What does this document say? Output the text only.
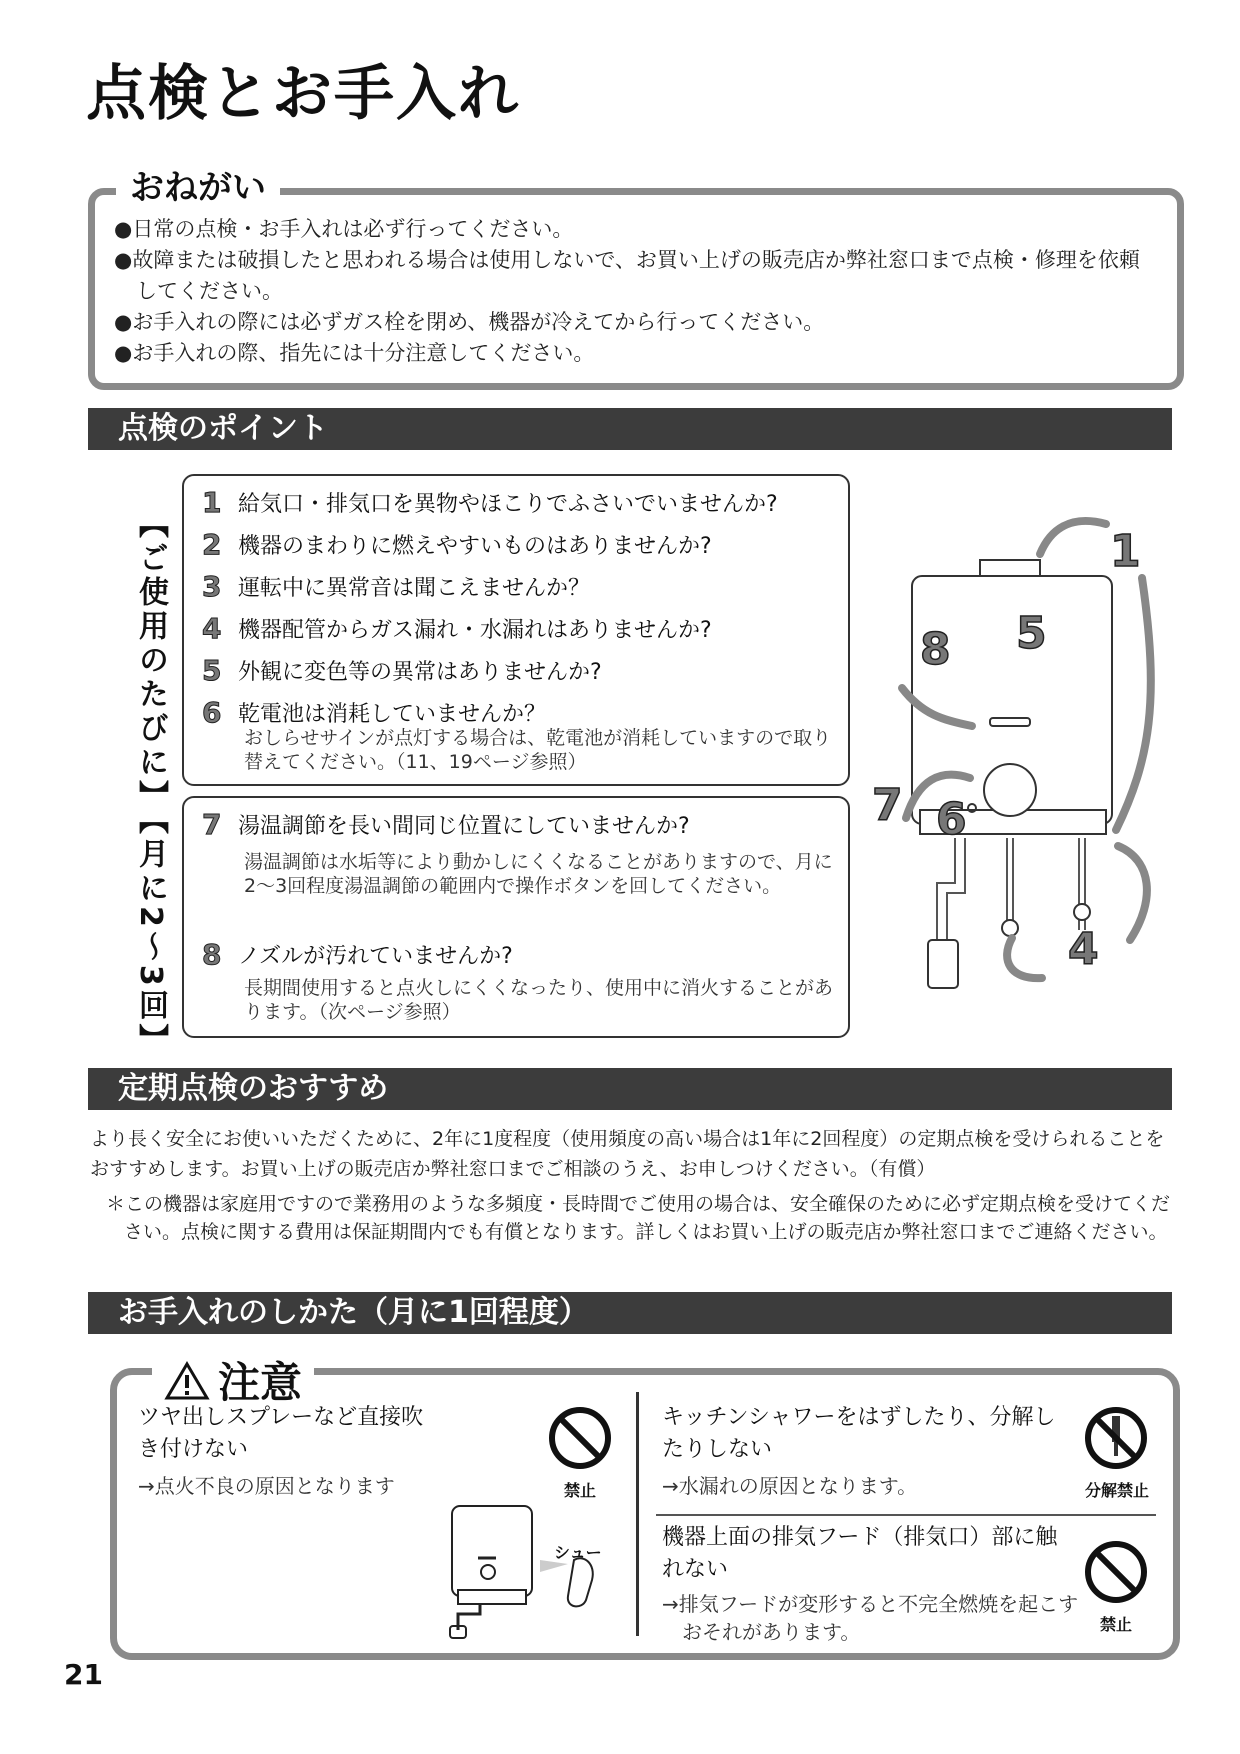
点検とお手入れ
おねがい
●日常の点検・お手入れは必ず行ってください。
●故障または破損したと思われる場合は使用しないで、お買い上げの販売店か弊社窓口まで点検・修理を依頼してください。
●お手入れの際には必ずガス栓を閉め、機器が冷えてから行ってください。
●お手入れの際、指先には十分注意してください。
点検のポイント
【ご使用のたびに】
【月に2～3回】
1 給気口・排気口を異物やほこりでふさいでいませんか?
2 機器のまわりに燃えやすいものはありませんか?
3 運転中に異常音は聞こえませんか？
4 機器配管からガス漏れ・水漏れはありませんか?
5 外観に変色等の異常はありませんか?
6 乾電池は消耗していませんか？
おしらせサインが点灯する場合は、乾電池が消耗していますので取り替えてください。（11、19ページ参照）
7 湯温調節を長い間同じ位置にしていませんか?
湯温調節は水垢等により動かしにくくなることがありますので、月に2～3回程度湯温調節の範囲内で操作ボタンを回してください。
8 ノズルが汚れていませんか?
長期間使用すると点火しにくくなったり、使用中に消火することがあります。（次ページ参照）
1
5
8
7 6
4
定期点検のおすすめ
より長く安全にお使いいただくために、2年に1度程度（使用頻度の高い場合は1年に2回程度）の定期点検を受けられることをおすすめします。お買い上げの販売店か弊社窓口までご相談のうえ、お申しつけください。（有償）
＊この機器は家庭用ですので業務用のような多頻度・長時間でご使用の場合は、安全確保のために必ず定期点検を受けてください。点検に関する費用は保証期間内でも有償となります。詳しくはお買い上げの販売店か弊社窓口までご連絡ください。
お手入れのしかた（月に1回程度）
注意
ツヤ出しスプレーなど直接吹き付けない
→点火不良の原因となります	禁止
シュー
キッチンシャワーをはずしたり、分解したりしない
→水漏れの原因となります。	分解禁止
機器上面の排気フード（排気口）部に触れない
→排気フードが変形すると不完全燃焼を起こすおそれがあります。	禁止
21
